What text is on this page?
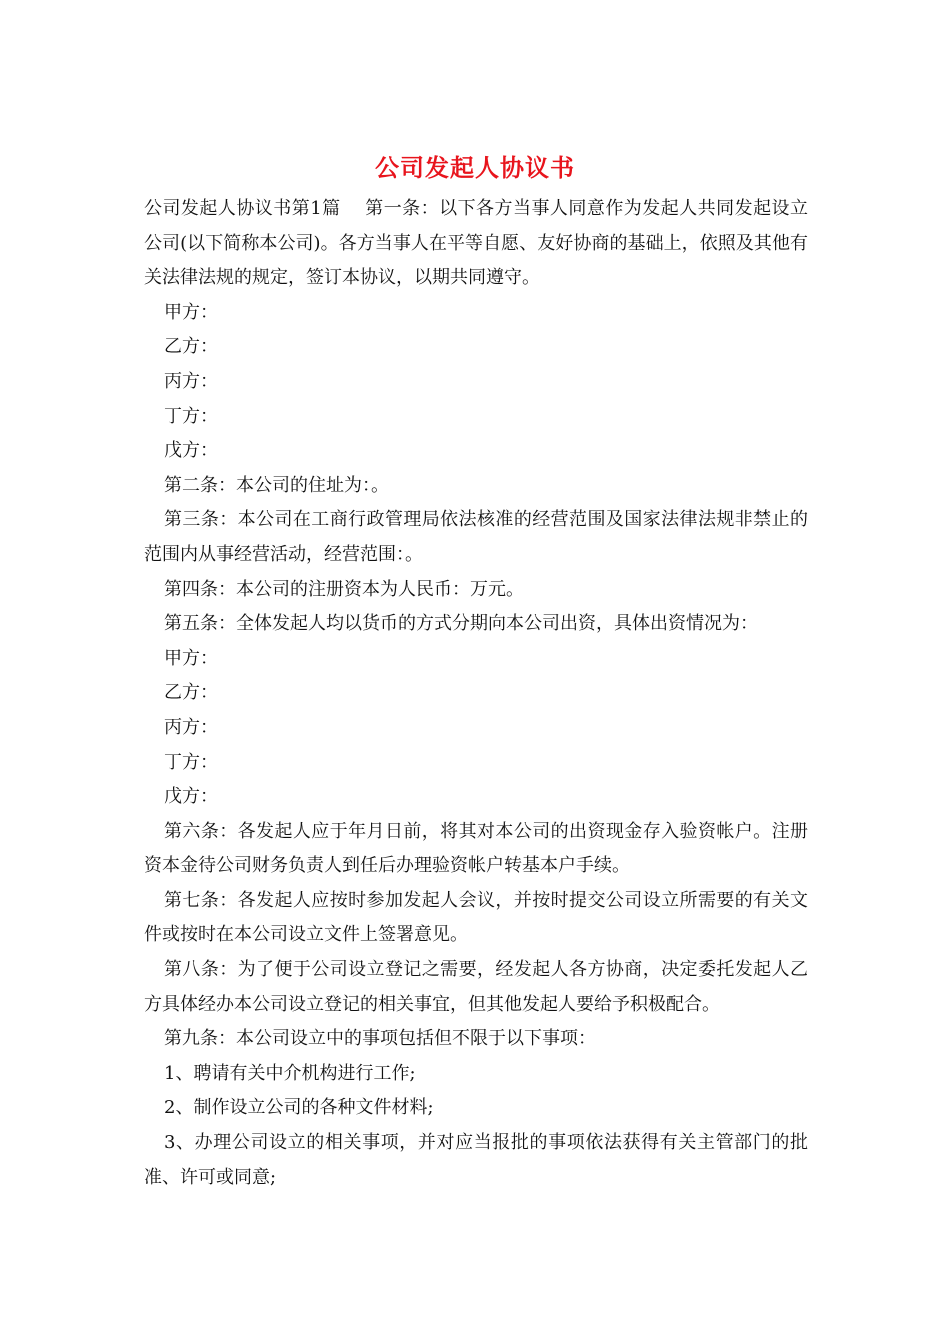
公司发起人协议书

公司发起人协议书第1篇　 第一条：以下各方当事人同意作为发起人共同发起设立公司(以下简称本公司)。各方当事人在平等自愿、友好协商的基础上，依照及其他有关法律法规的规定，签订本协议，以期共同遵守。

甲方：

乙方：

丙方：

丁方：

戊方：

第二条：本公司的住址为：。

第三条：本公司在工商行政管理局依法核准的经营范围及国家法律法规非禁止的范围内从事经营活动，经营范围：。

第四条：本公司的注册资本为人民币：万元。

第五条：全体发起人均以货币的方式分期向本公司出资，具体出资情况为：

甲方：

乙方：

丙方：

丁方：

戊方：

第六条：各发起人应于年月日前，将其对本公司的出资现金存入验资帐户。注册资本金待公司财务负责人到任后办理验资帐户转基本户手续。

第七条：各发起人应按时参加发起人会议，并按时提交公司设立所需要的有关文件或按时在本公司设立文件上签署意见。

第八条：为了便于公司设立登记之需要，经发起人各方协商，决定委托发起人乙方具体经办本公司设立登记的相关事宜，但其他发起人要给予积极配合。

第九条：本公司设立中的事项包括但不限于以下事项：

1、聘请有关中介机构进行工作;

2、制作设立公司的各种文件材料;

3、办理公司设立的相关事项，并对应当报批的事项依法获得有关主管部门的批准、许可或同意;
